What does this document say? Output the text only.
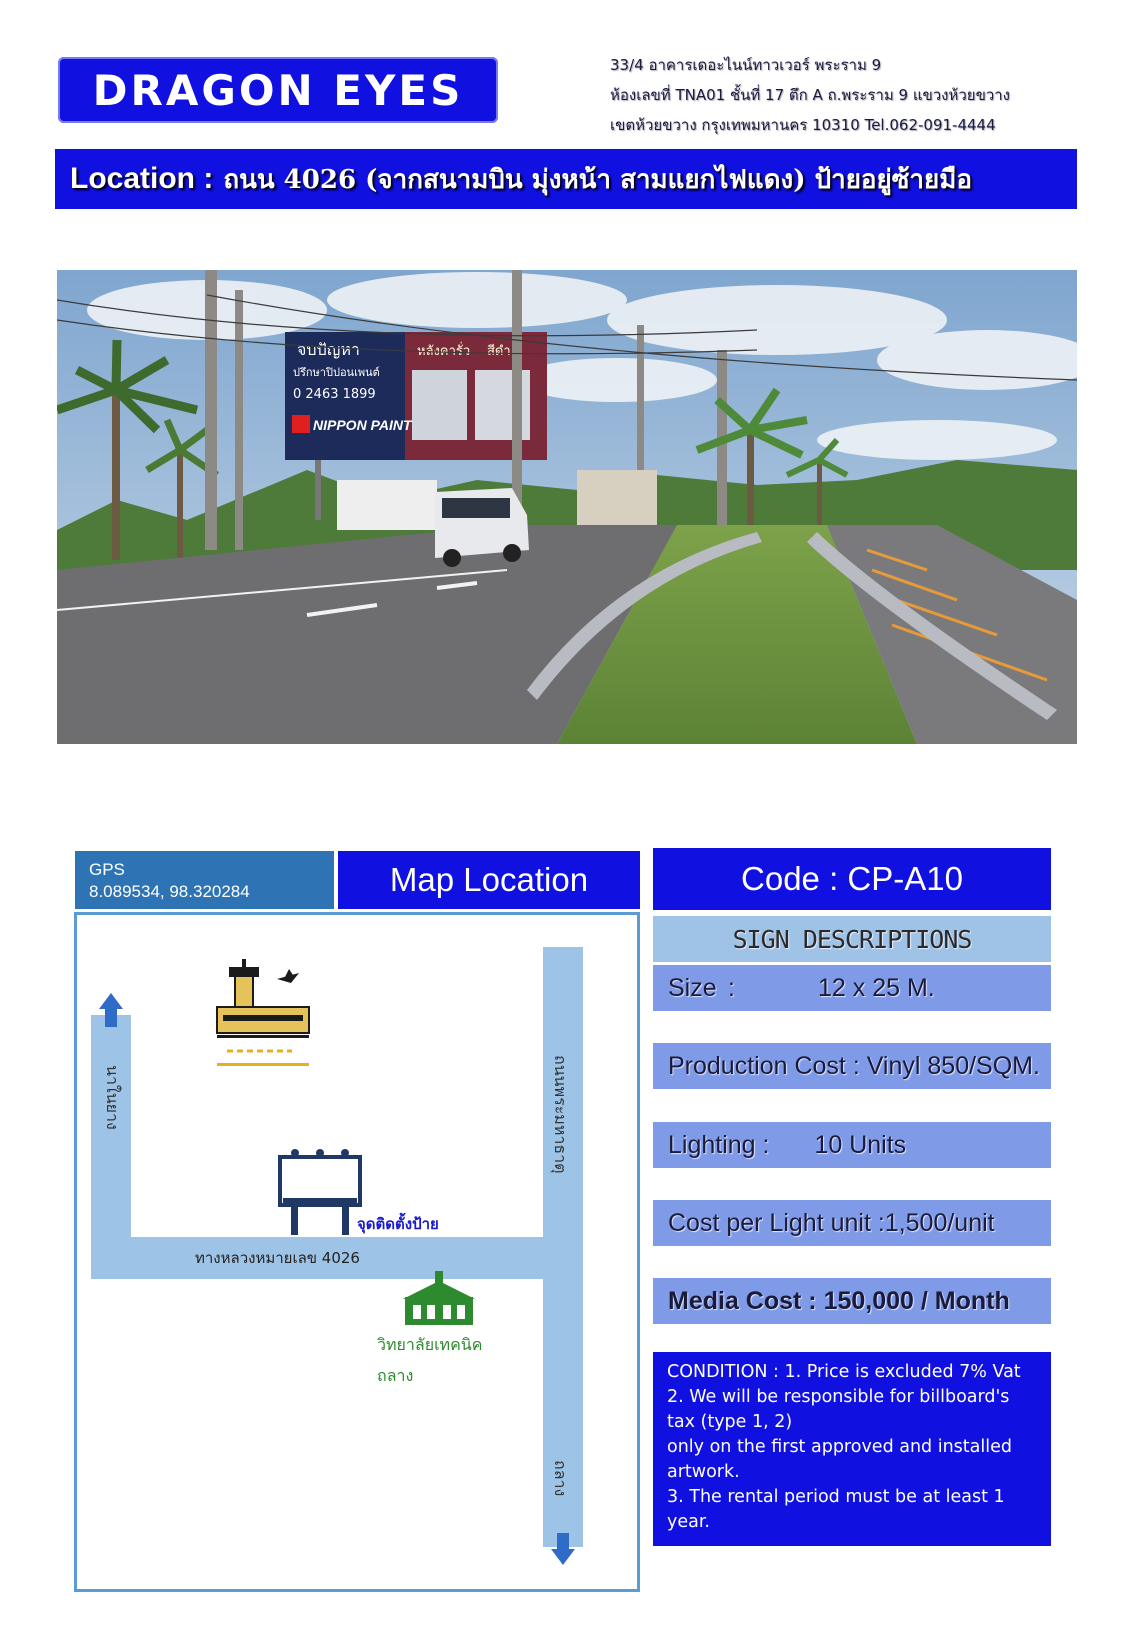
DRAGON EYES
33/4 อาคารเดอะไนน์ทาวเวอร์ พระราม 9
ห้องเลขที่ TNA01 ชั้นที่ 17 ตึก A ถ.พระราม 9 แขวงห้วยขวาง
เขตห้วยขวาง กรุงเทพมหานคร 10310 Tel.062-091-4444
Location : ถนน 4026 (จากสนามบิน มุ่งหน้า สามแยกไฟแดง) ป้ายอยู่ซ้ายมือ
จบปัญหา
ปรึกษาปิปอนเพนต์
0 2463 1899
NIPPON PAINT
หลังคารั่ว สีดำ
GPS
8.089534, 98.320284	Map Location
นาในยาง	ถนนพระมหาธาตุ
ถลาง
ทางหลวงหมายเลข 4026
จุดติดตั้งป้าย
วิทยาลัยเทคนิค
ถลาง
Code : CP-A10
SIGN DESCRIPTIONS
Size :	12 x 25 M.
Production Cost : Vinyl 850/SQM.
Lighting : 10 Units
Cost per Light unit :1,500/unit
Media Cost : 150,000 / Month
CONDITION : 1. Price is excluded 7% Vat
2. We will be responsible for billboard's tax (type 1, 2)
only on the first approved and installed artwork.
3. The rental period must be at least 1 year.
